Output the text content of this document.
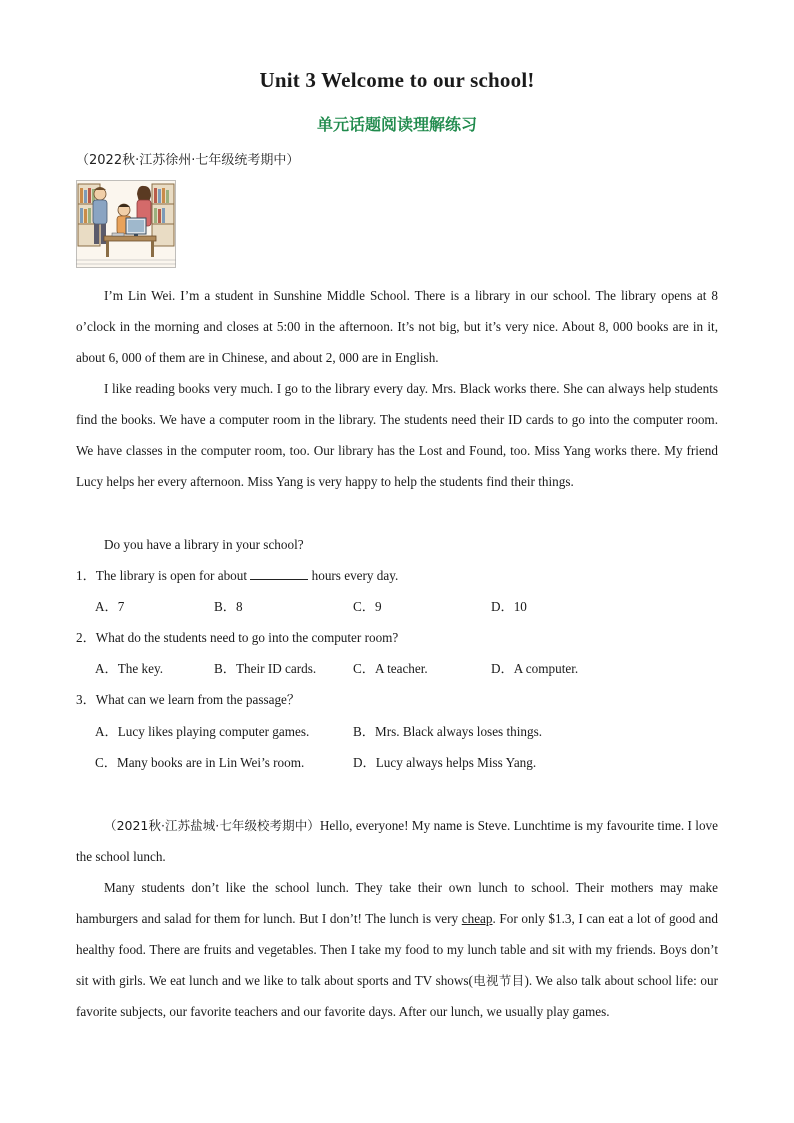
Unit 3 Welcome to our school!
单元话题阅读理解练习
（2022秋·江苏徐州·七年级统考期中）
I’m Lin Wei. I’m a student in Sunshine Middle School. There is a library in our school. The library opens at 8 o’clock in the morning and closes at 5:00 in the afternoon. It’s not big, but it’s very nice. About 8, 000 books are in it, about 6, 000 of them are in Chinese, and about 2, 000 are in English.
I like reading books very much. I go to the library every day. Mrs. Black works there. She can always help students find the books. We have a computer room in the library. The students need their ID cards to go into the computer room. We have classes in the computer room, too. Our library has the Lost and Found, too. Miss Yang works there. My friend Lucy helps her every afternoon. Miss Yang is very happy to help the students find their things.
Do you have a library in your school?
1．The library is open for about	hours every day.
A．7	B．8	C．9	D．10
2．What do the students need to go into the computer room?
A．The key.	B．Their ID cards.	C．A teacher.	D．A computer.
3．What can we learn from the passage？
A．Lucy likes playing computer games.	B．Mrs. Black always loses things.
C．Many books are in Lin Wei’s room.	D．Lucy always helps Miss Yang.
（2021秋·江苏盐城·七年级校考期中）Hello, everyone! My name is Steve. Lunchtime is my favourite time. I love the school lunch.
Many students don’t like the school lunch. They take their own lunch to school. Their mothers may make hamburgers and salad for them for lunch. But I don’t! The lunch is very cheap. For only $1.3, I can eat a lot of good and healthy food. There are fruits and vegetables. Then I take my food to my lunch table and sit with my friends. Boys don’t sit with girls. We eat lunch and we like to talk about sports and TV shows(电视节目). We also talk about school life: our favorite subjects, our favorite teachers and our favorite days. After our lunch, we usually play games.
